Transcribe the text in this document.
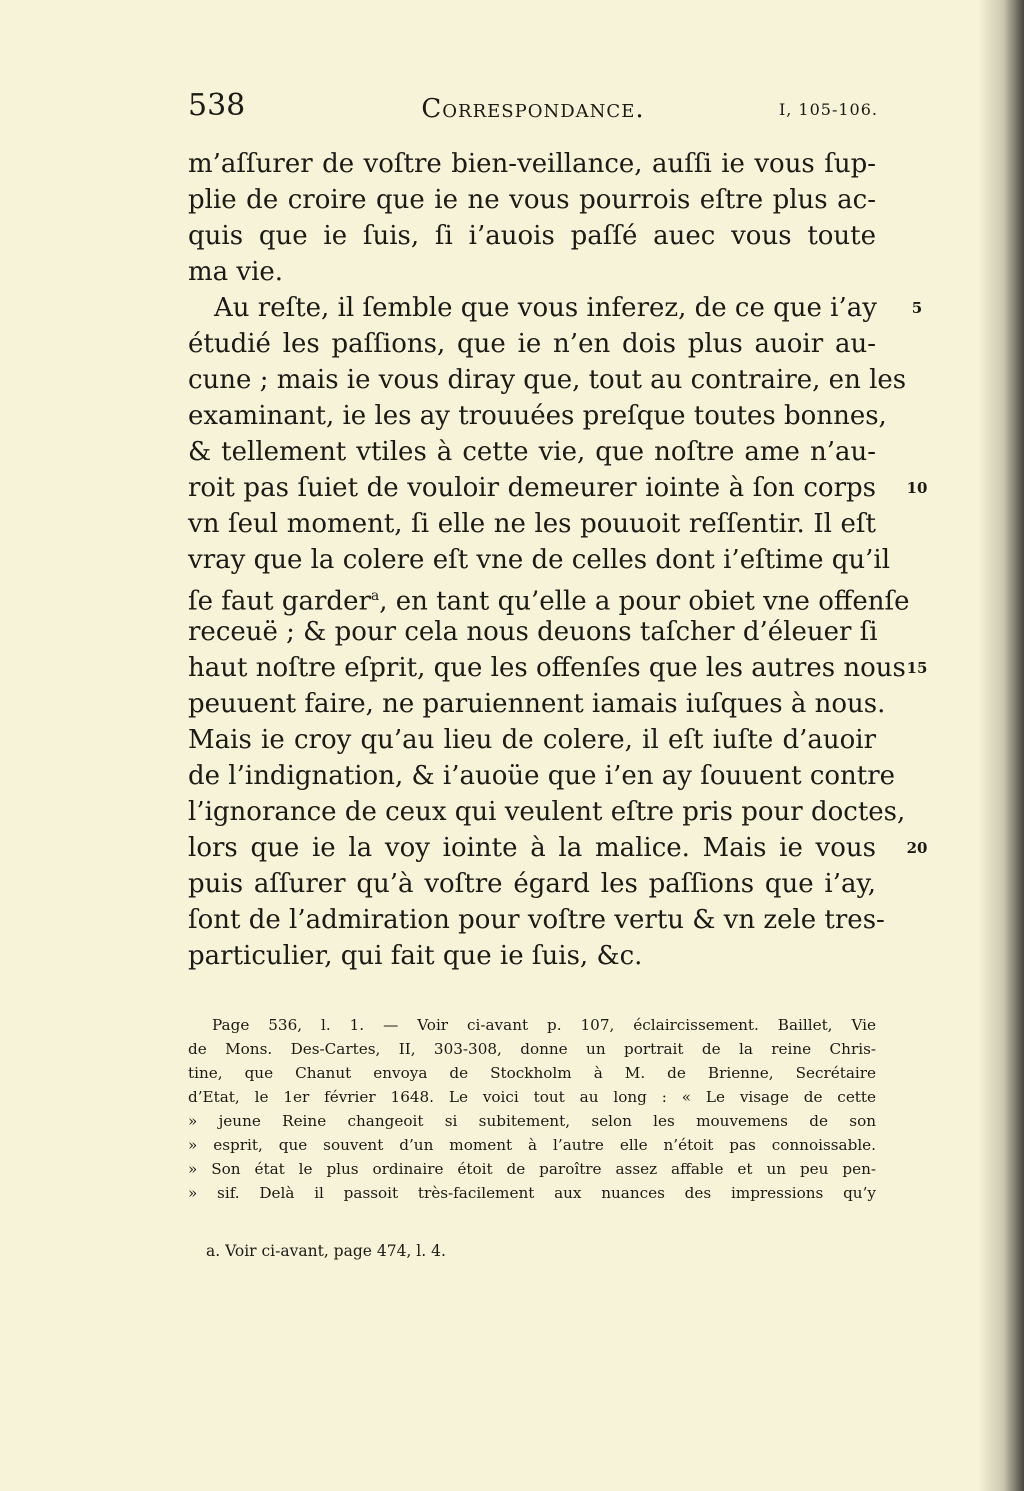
538	Correspondance.	I, 105-106.
m’aſſurer de voſtre bien-veillance, auſſi ie vous ſup-
plie de croire que ie ne vous pourrois eſtre plus ac-
quis que ie ſuis, ſi i’auois paſſé auec vous toute
ma vie.
Au reſte, il ſemble que vous inferez, de ce que i’ay
étudié les paſſions, que ie n’en dois plus auoir au-
cune ; mais ie vous diray que, tout au contraire, en les
examinant, ie les ay trouuées preſque toutes bonnes,
& tellement vtiles à cette vie, que noſtre ame n’au-
roit pas ſuiet de vouloir demeurer iointe à ſon corps
vn ſeul moment, ſi elle ne les pouuoit reſſentir. Il eſt
vray que la colere eſt vne de celles dont i’eſtime qu’il
ſe faut garder$^a$, en tant qu’elle a pour obiet vne offenſe
receuë ; & pour cela nous deuons taſcher d’éleuer ſi
haut noſtre eſprit, que les offenſes que les autres nous
peuuent faire, ne paruiennent iamais iuſques à nous.
Mais ie croy qu’au lieu de colere, il eſt iuſte d’auoir
de l’indignation, & i’auoüe que i’en ay ſouuent contre
l’ignorance de ceux qui veulent eſtre pris pour doctes,
lors que ie la voy iointe à la malice. Mais ie vous
puis aſſurer qu’à voſtre égard les paſſions que i’ay,
ſont de l’admiration pour voſtre vertu & vn zele tres-
particulier, qui fait que ie ſuis, &c.
5
10
15
20
Page 536, l. 1. — Voir ci-avant p. 107, éclaircissement. Baillet, Vie
de Mons. Des-Cartes, II, 303-308, donne un portrait de la reine Chris-
tine, que Chanut envoya de Stockholm à M. de Brienne, Secrétaire
d’Etat, le 1er février 1648. Le voici tout au long : « Le visage de cette
» jeune Reine changeoit si subitement, selon les mouvemens de son
» esprit, que souvent d’un moment à l’autre elle n’étoit pas connoissable.
» Son état le plus ordinaire étoit de paroître assez affable et un peu pen-
» sif. Delà il passoit très-facilement aux nuances des impressions qu’y
a. Voir ci-avant, page 474, l. 4.
